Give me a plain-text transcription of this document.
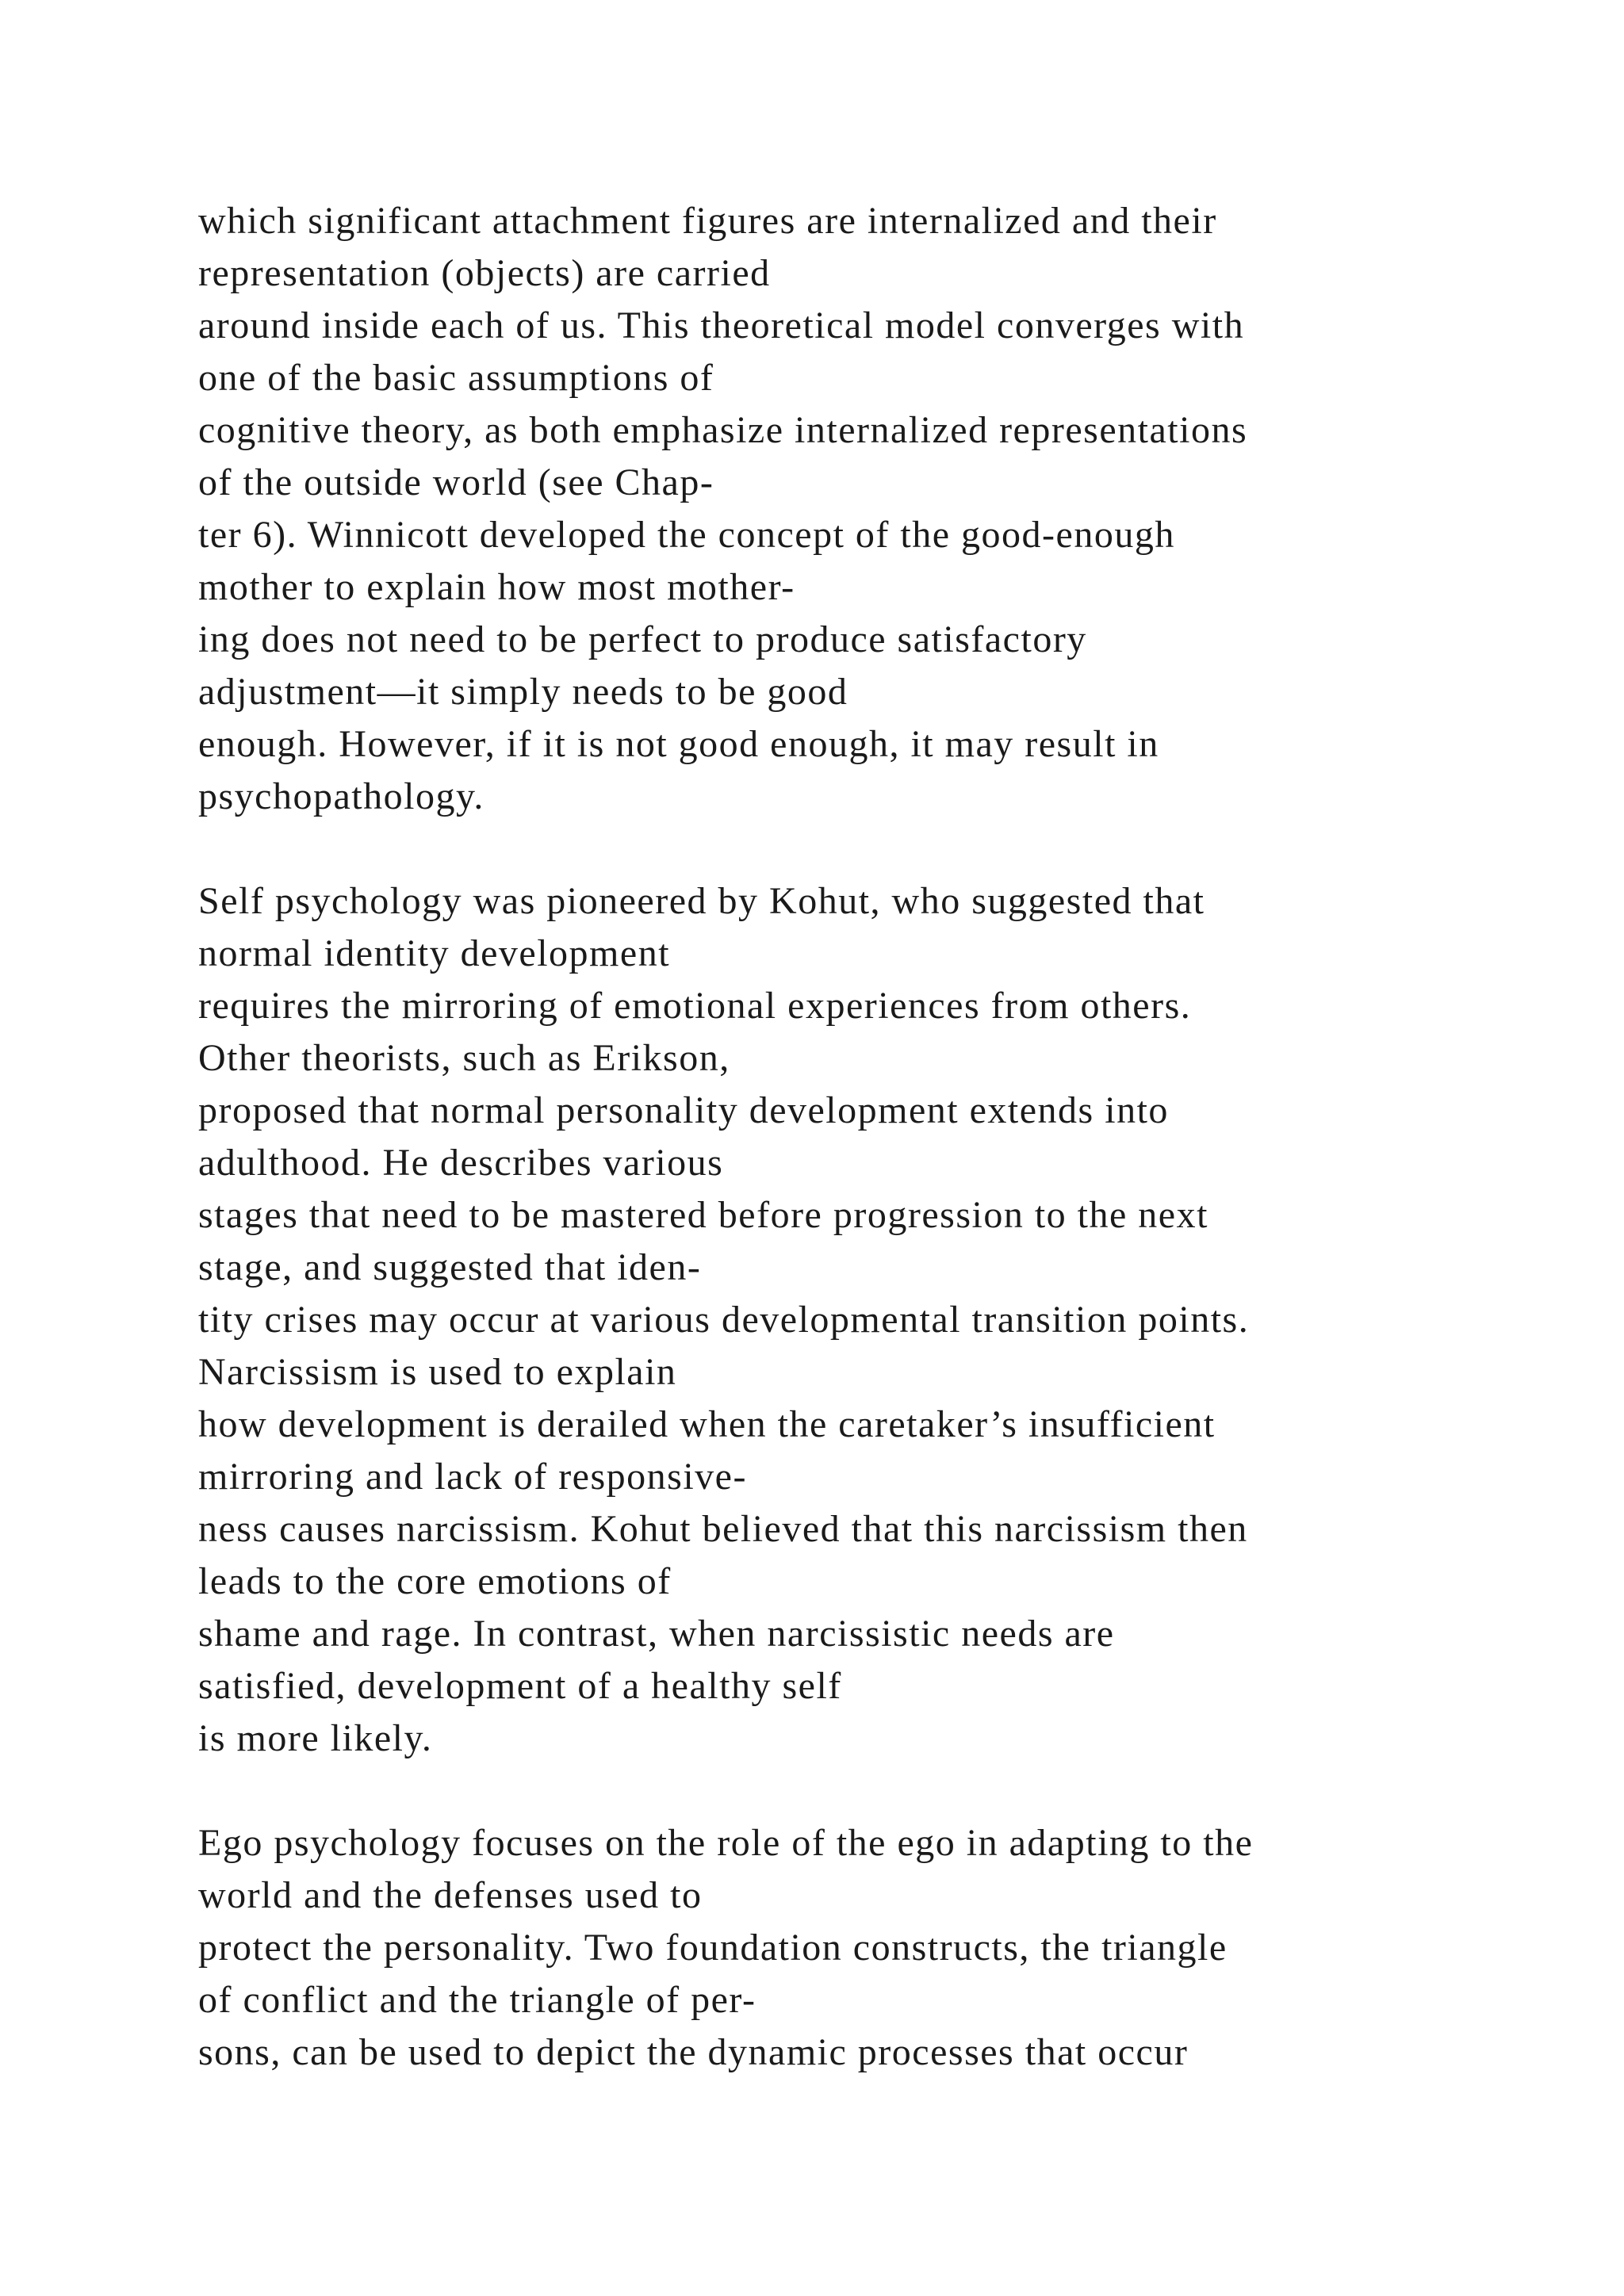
which significant attachment figures are internalized and their
representation (objects) are carried
around inside each of us. This theoretical model converges with
one of the basic assumptions of
cognitive theory, as both emphasize internalized representations
of the outside world (see Chap-
ter 6). Winnicott developed the concept of the good-enough
mother to explain how most mother-
ing does not need to be perfect to produce satisfactory
adjustment—it simply needs to be good
enough. However, if it is not good enough, it may result in
psychopathology.
Self psychology was pioneered by Kohut, who suggested that
normal identity development
requires the mirroring of emotional experiences from others.
Other theorists, such as Erikson,
proposed that normal personality development extends into
adulthood. He describes various
stages that need to be mastered before progression to the next
stage, and suggested that iden-
tity crises may occur at various developmental transition points.
Narcissism is used to explain
how development is derailed when the caretaker’s insufficient
mirroring and lack of responsive-
ness causes narcissism. Kohut believed that this narcissism then
leads to the core emotions of
shame and rage. In contrast, when narcissistic needs are
satisfied, development of a healthy self
is more likely.
Ego psychology focuses on the role of the ego in adapting to the
world and the defenses used to
protect the personality. Two foundation constructs, the triangle
of conflict and the triangle of per-
sons, can be used to depict the dynamic processes that occur
